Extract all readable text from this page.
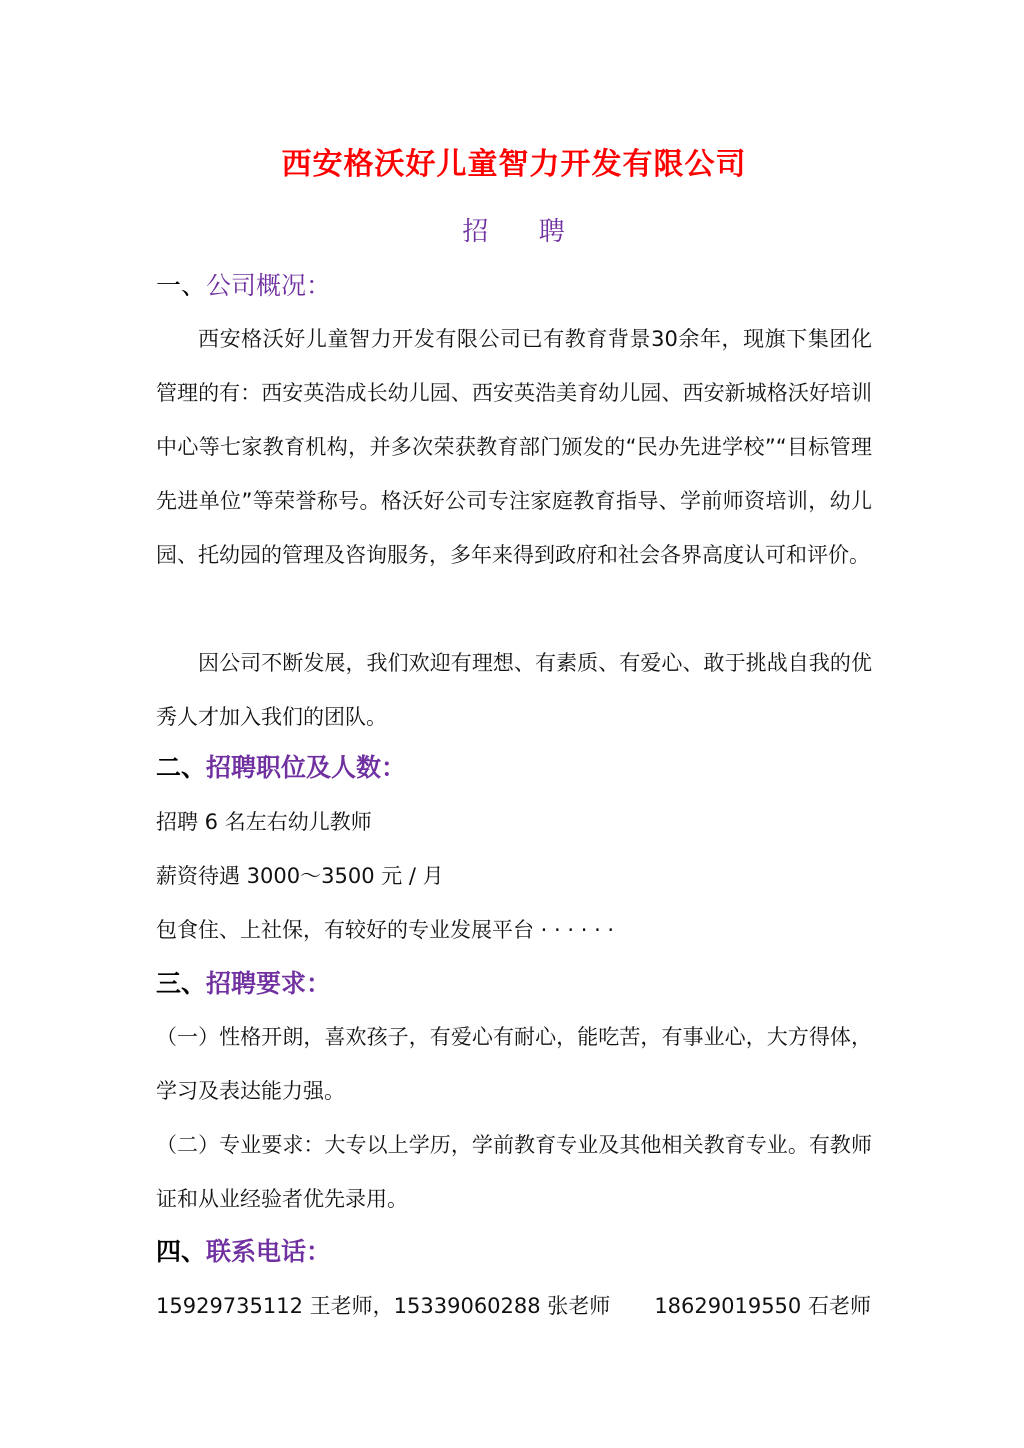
西安格沃好儿童智力开发有限公司
招 聘
一、公司概况：

西安格沃好儿童智力开发有限公司已有教育背景30余年，现旗下集团化管理的有：西安英浩成长幼儿园、西安英浩美育幼儿园、西安新城格沃好培训中心等七家教育机构，并多次荣获教育部门颁发的“民办先进学校”“目标管理先进单位”等荣誉称号。格沃好公司专注家庭教育指导、学前师资培训，幼儿园、托幼园的管理及咨询服务，多年来得到政府和社会各界高度认可和评价。

因公司不断发展，我们欢迎有理想、有素质、有爱心、敢于挑战自我的优秀人才加入我们的团队。

二、招聘职位及人数：
招聘 6 名左右幼儿教师
薪资待遇 3000～3500 元 / 月
包食住、上社保，有较好的专业发展平台 · · · · · ·
三、招聘要求：

（一）性格开朗，喜欢孩子，有爱心有耐心，能吃苦，有事业心，大方得体，学习及表达能力强。

（二）专业要求：大专以上学历，学前教育专业及其他相关教育专业。有教师证和从业经验者优先录用。

四、联系电话：
15929735112 王老师，15339060288 张老师 18629019550 石老师
